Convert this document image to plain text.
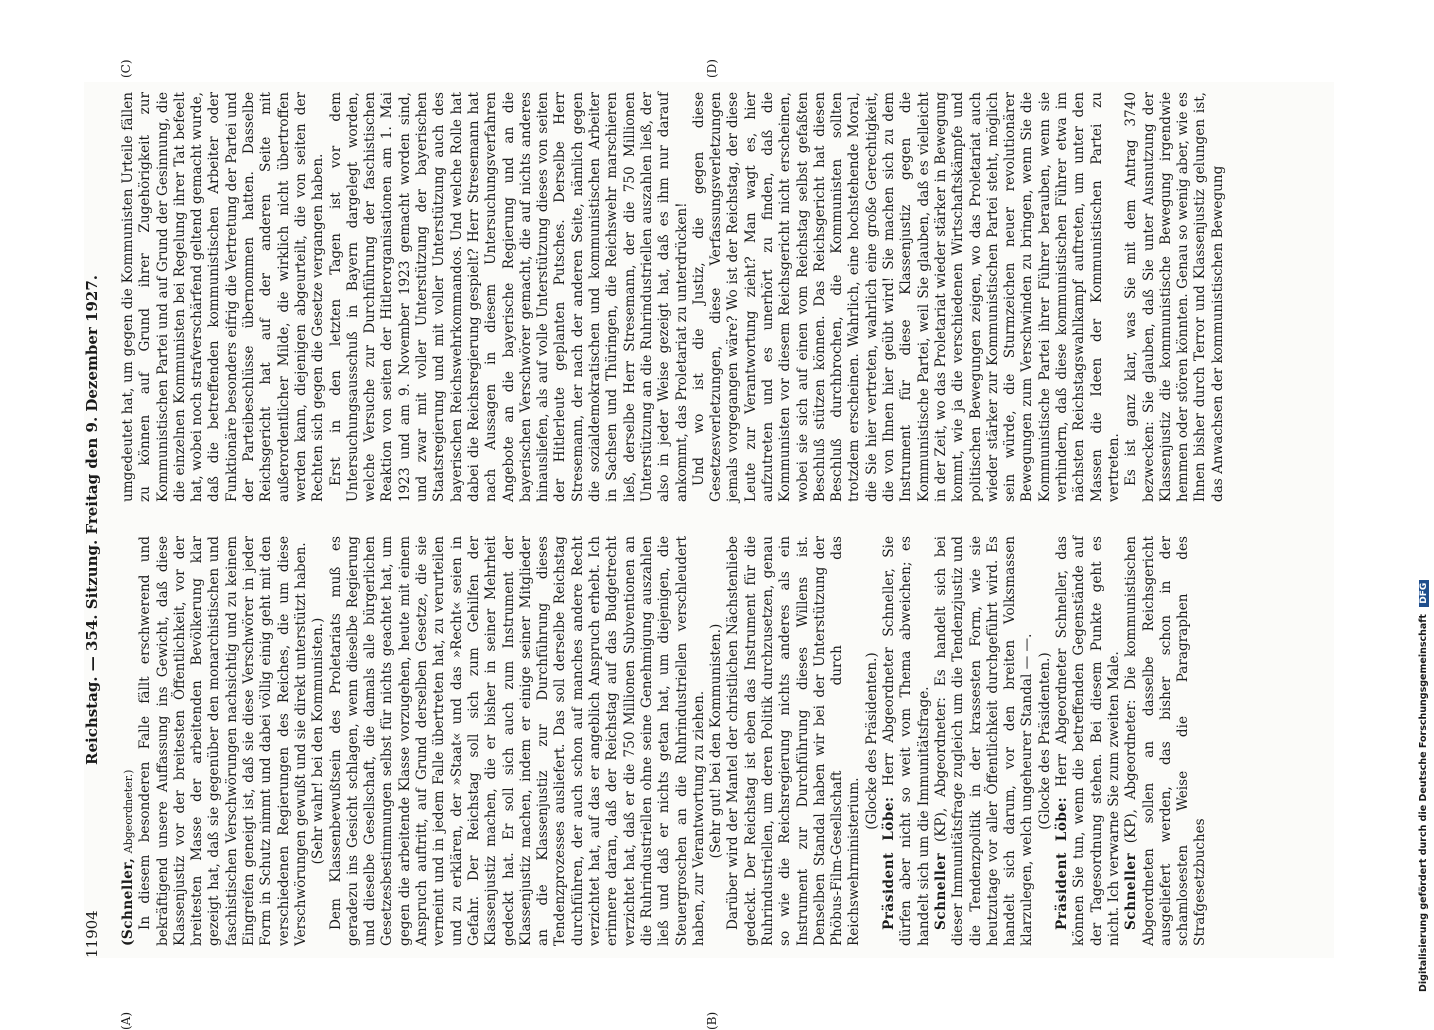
11904
Reichstag. — 354. Sitzung. Freitag den 9. Dezember 1927.
(A)	(B)
(C)	(D)

(Schneller, Abgeordneter.) In diesem besonderen Falle fällt erschwerend und bekräftigend unsere Auffassung ins Gewicht, daß diese Klassenjustiz vor der breitesten Öffentlichkeit, vor der breitesten Masse der arbeitenden Bevölkerung klar gezeigt hat, daß sie gegenüber den monarchistischen und faschistischen Verschwörungen nachsichtig und zu keinem Eingreifen geneigt ist, daß sie diese Verschwörer in jeder Form in Schutz nimmt und dabei völlig einig geht mit den verschiedenen Regierungen des Reiches, die um diese Verschwörungen gewußt und sie direkt unterstützt haben. (Sehr wahr! bei den Kommunisten.) Dem Klassenbewußtsein des Proletariats muß es geradezu ins Gesicht schlagen, wenn dieselbe Regierung und dieselbe Gesellschaft, die damals alle bürgerlichen Gesetzesbestimmungen selbst für nichts geachtet hat, um gegen die arbeitende Klasse vorzugehen, heute mit einem Anspruch auftritt, auf Grund derselben Gesetze, die sie verneint und in jedem Falle übertreten hat, zu verurteilen und zu erklären, der »Staat« und das »Recht« seien in Gefahr. Der Reichstag soll sich zum Gehilfen der Klassenjustiz machen, die er bisher in seiner Mehrheit gedeckt hat. Er soll sich auch zum Instrument der Klassenjustiz machen, indem er einige seiner Mitglieder an die Klassenjustiz zur Durchführung dieses Tendenzprozesses ausliefert. Das soll derselbe Reichstag durchführen, der auch schon auf manches andere Recht verzichtet hat, auf das er angeblich Anspruch erhebt. Ich erinnere daran, daß der Reichstag auf das Budgetrecht verzichtet hat, daß er die 750 Millionen Subventionen an die Ruhrindustriellen ohne seine Genehmigung auszahlen ließ und daß er nichts getan hat, um diejenigen, die Steuergroschen an die Ruhrindustriellen verschleudert haben, zur Verantwortung zu ziehen. (Sehr gut! bei den Kommunisten.) Darüber wird der Mantel der christlichen Nächstenliebe gedeckt. Der Reichstag ist eben das Instrument für die Ruhrindustriellen, um deren Politik durchzusetzen, genau so wie die Reichsregierung nichts anderes als ein Instrument zur Durchführung dieses Willens ist. Denselben Standal haben wir bei der Unterstützung der Phöbus-Film-Gesellschaft durch das Reichswehrministerium.

(Glocke des Präsidenten.)

Präsident Löbe: Herr Abgeordneter Schneller, Sie dürfen aber nicht so weit vom Thema abweichen; es handelt sich um die Immunitätsfrage. Schneller (KP), Abgeordneter: Es handelt sich bei dieser Immunitätsfrage zugleich um die Tendenzjustiz und die Tendenzpolitik in der krassesten Form, wie sie heutzutage vor aller Öffentlichkeit durchgeführt wird. Es handelt sich darum, vor den breiten Volksmassen klarzulegen, welch ungeheurer Standal — —. (Glocke des Präsidenten.)

Präsident Löbe: Herr Abgeordneter Schneller, das können Sie tun, wenn die betreffenden Gegenstände auf der Tagesordnung stehen. Bei diesem Punkte geht es nicht. Ich verwarne Sie zum zweiten Male. Schneller (KP), Abgeordneter: Die kommunistischen Abgeordneten sollen an dasselbe Reichsgericht ausgeliefert werden, das bisher schon in der schamlosesten Weise die Paragraphen des Strafgesetzbuches

umgedeutet hat, um gegen die Kommunisten Urteile fällen zu können auf Grund ihrer Zugehörigkeit zur Kommunistischen Partei und auf Grund der Gesinnung, die die einzelnen Kommunisten bei Regelung ihrer Tat befeelt hat, wobei noch strafverschärfend geltend gemacht wurde, daß die betreffenden kommunistischen Arbeiter oder Funktionäre besonders eifrig die Vertretung der Partei und der Parteibeschlüsse übernommen hatten. Dasselbe Reichsgericht hat auf der anderen Seite mit außerordentlicher Milde, die wirklich nicht übertroffen werden kann, diejenigen abgeurteilt, die von seiten der Rechten sich gegen die Gesetze vergangen haben. Erst in den letzten Tagen ist vor dem Untersuchungsausschuß in Bayern dargelegt worden, welche Versuche zur Durchführung der faschistischen Reaktion von seiten der Hitlerorganisationen am 1. Mai 1923 und am 9. November 1923 gemacht worden sind, und zwar mit voller Unterstützung der bayerischen Staatsregierung und mit voller Unterstützung auch des bayerischen Reichswehrkommandos. Und welche Rolle hat dabei die Reichsregierung gespielt? Herr Stresemann hat nach Aussagen in diesem Untersuchungsverfahren Angebote an die bayerische Regierung und an die bayerischen Verschwörer gemacht, die auf nichts anderes hinausliefen, als auf volle Unterstützung dieses von seiten der Hitlerleute geplanten Putsches. Derselbe Herr Stresemann, der nach der anderen Seite, nämlich gegen die sozialdemokratischen und kommunistischen Arbeiter in Sachsen und Thüringen, die Reichswehr marschieren ließ, derselbe Herr Stresemann, der die 750 Millionen Unterstützung an die Ruhrindustriellen auszahlen ließ, der also in jeder Weise gezeigt hat, daß es ihm nur darauf ankommt, das Proletariat zu unterdrücken! Und wo ist die Justiz, die gegen diese Gesetzesverletzungen, diese Verfassungsverletzungen jemals vorgegangen wäre? Wo ist der Reichstag, der diese Leute zur Verantwortung zieht? Man wagt es, hier aufzutreten und es unerhört zu finden, daß die Kommunisten vor diesem Reichsgericht nicht erscheinen, wobei sie sich auf einen vom Reichstag selbst gefaßten Beschluß stützen können. Das Reichsgericht hat diesen Beschluß durchbrochen, die Kommunisten sollten trotzdem erscheinen. Wahrlich, eine hochstehende Moral, die Sie hier vertreten, wahrlich eine große Gerechtigkeit, die von Ihnen hier geübt wird! Sie machen sich zu dem Instrument für diese Klassenjustiz gegen die Kommunistische Partei, weil Sie glauben, daß es vielleicht in der Zeit, wo das Proletariat wieder stärker in Bewegung kommt, wie ja die verschiedenen Wirtschaftskämpfe und politischen Bewegungen zeigen, wo das Proletariat auch wieder stärker zur Kommunistischen Partei steht, möglich sein würde, die Sturmzeichen neuer revolutionärer Bewegungen zum Verschwinden zu bringen, wenn Sie die Kommunistische Partei ihrer Führer berauben, wenn sie verhindern, daß diese kommunistischen Führer etwa im nächsten Reichstagswahlkampf auftreten, um unter den Massen die Ideen der Kommunistischen Partei zu vertreten. Es ist ganz klar, was Sie mit dem Antrag 3740 bezwecken: Sie glauben, daß Sie unter Ausnutzung der Klassenjustiz die kommunistische Bewegung irgendwie hemmen oder stören könnten. Genau so wenig aber, wie es Ihnen bisher durch Terror und Klassenjustiz gelungen ist, das Anwachsen der kommunistischen Bewegung

Digitalisierung gefördert durch die Deutsche Forschungsgemeinschaft DFG
